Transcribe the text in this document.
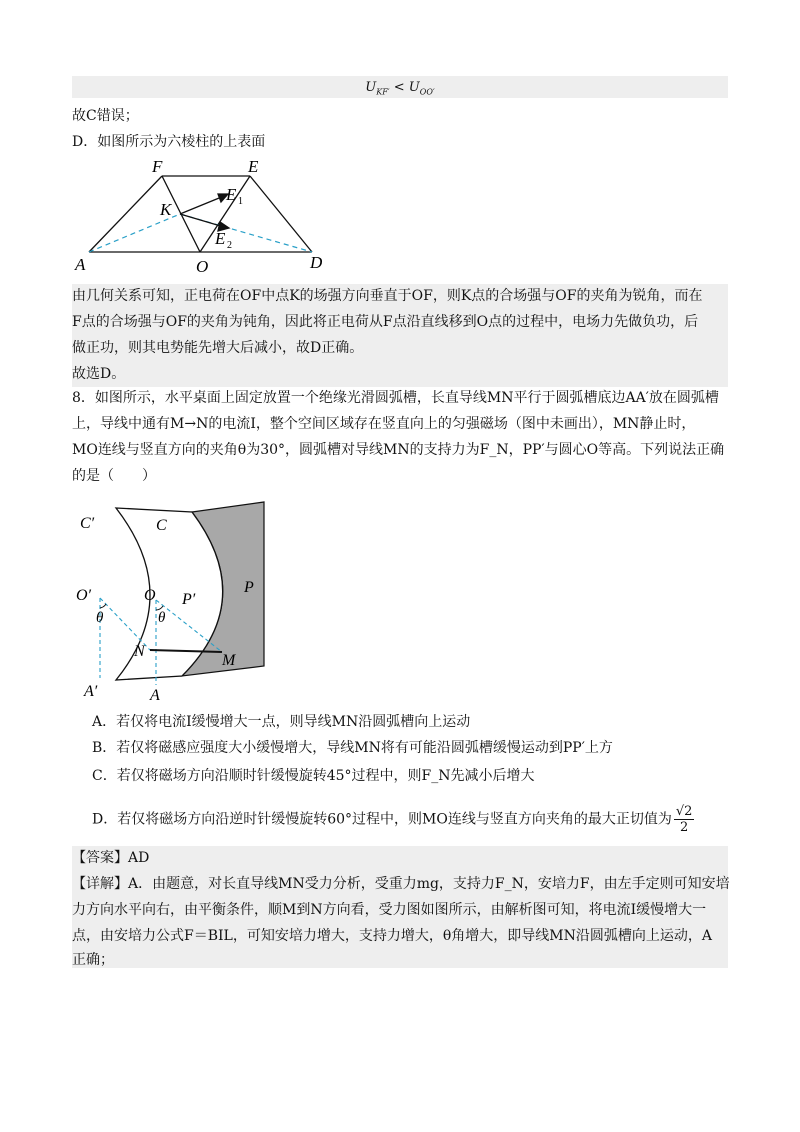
$U_{KF'} < U_{OO'}$
故C错误；
D．如图所示为六棱柱的上表面
F	E
K
E 1
E 2
A	O	D
由几何关系可知，正电荷在OF中点K的场强方向垂直于OF，则K点的合场强与OF的夹角为锐角，而在
F点的合场强与OF的夹角为钝角，因此将正电荷从F点沿直线移到O点的过程中，电场力先做负功，后
做正功，则其电势能先增大后减小，故D正确。
故选D。
8．如图所示，水平桌面上固定放置一个绝缘光滑圆弧槽，长直导线MN平行于圆弧槽底边AA′放在圆弧槽
上，导线中通有M→N的电流I，整个空间区域存在竖直向上的匀强磁场（图中未画出），MN静止时，
MO连线与竖直方向的夹角θ为30°，圆弧槽对导线MN的支持力为F_N，PP′与圆心O等高。下列说法正确
的是（　　）
C′	C
O′	O P′
P
θ	θ
N
M
A′	A
A．若仅将电流I缓慢增大一点，则导线MN沿圆弧槽向上运动
B．若仅将磁感应强度大小缓慢增大，导线MN将有可能沿圆弧槽缓慢运动到PP′上方
C．若仅将磁场方向沿顺时针缓慢旋转45°过程中，则F_N先减小后增大
D．若仅将磁场方向沿逆时针缓慢旋转60°过程中，则MO连线与竖直方向夹角的最大正切值为 $\frac{√2}{2}$
【答案】AD
【详解】A．由题意，对长直导线MN受力分析，受重力mg，支持力F_N，安培力F，由左手定则可知安培
力方向水平向右，由平衡条件，顺M到N方向看，受力图如图所示，由解析图可知，将电流I缓慢增大一
点，由安培力公式F＝BIL，可知安培力增大，支持力增大，θ角增大，即导线MN沿圆弧槽向上运动，A
正确；
